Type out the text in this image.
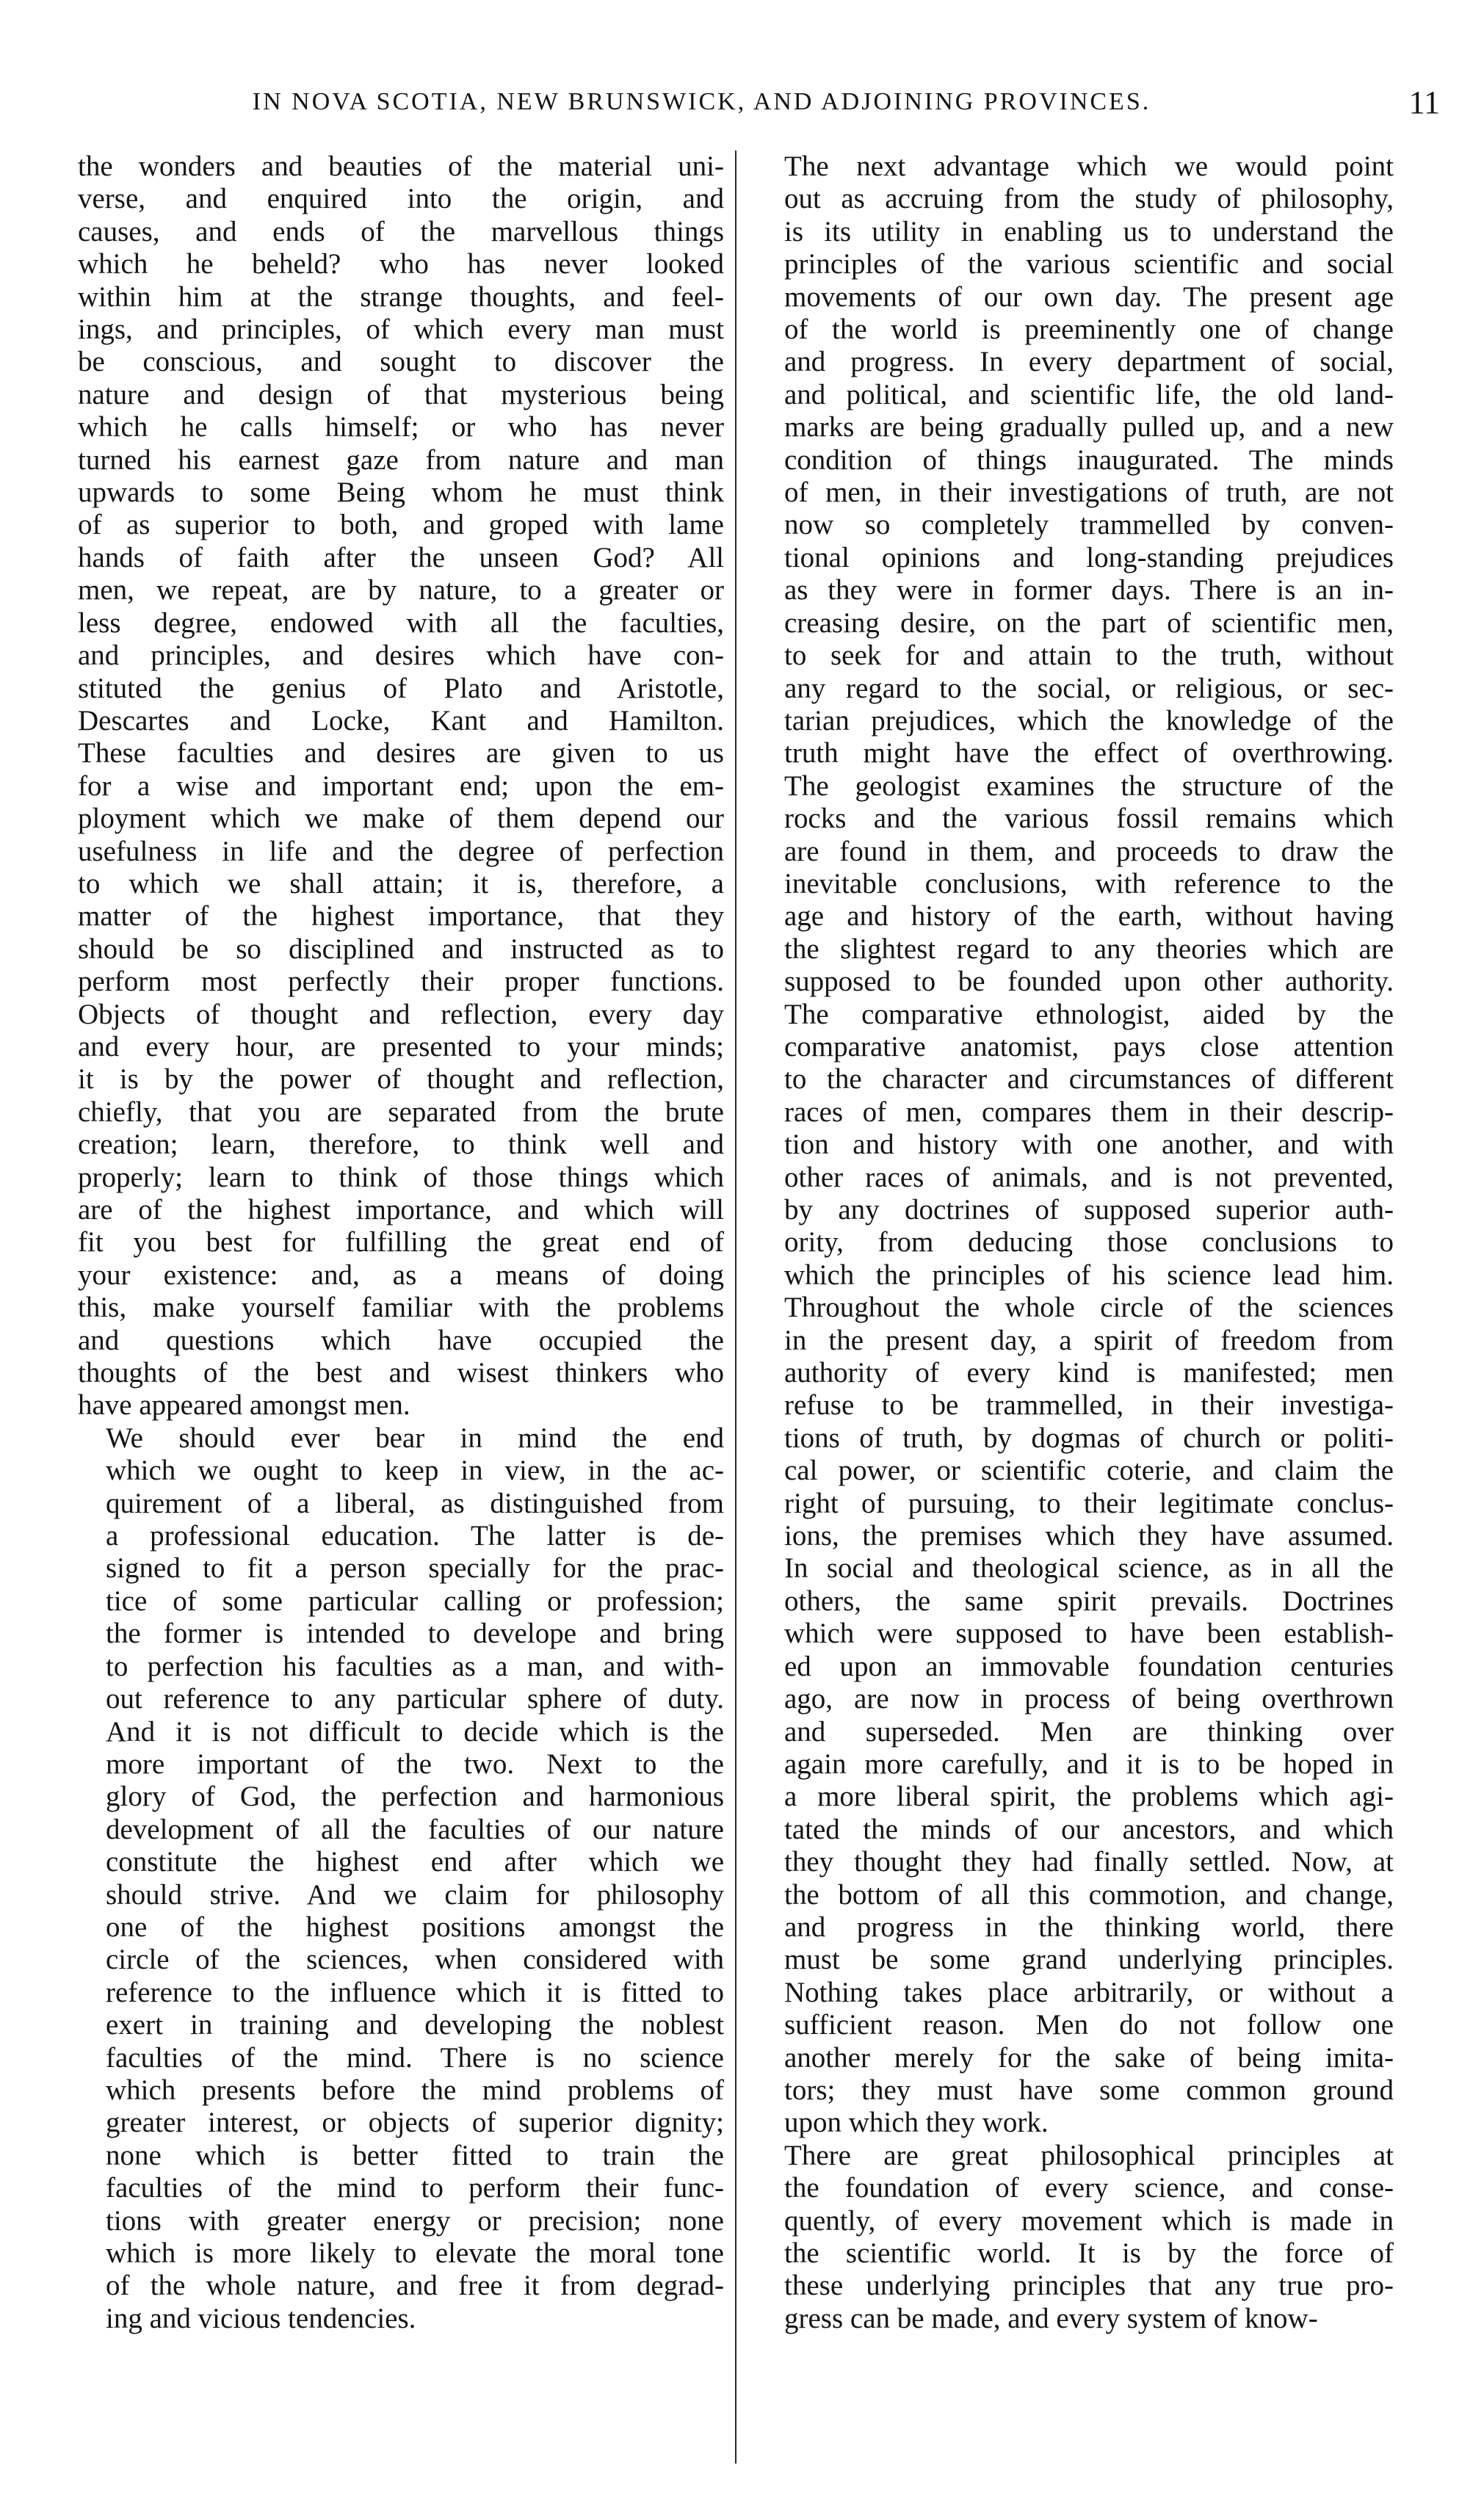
IN NOVA SCOTIA, NEW BRUNSWICK, AND ADJOINING PROVINCES.	11
the wonders and beauties of the material uni-
verse, and enquired into the origin, and
causes, and ends of the marvellous things
which he beheld? who has never looked
within him at the strange thoughts, and feel-
ings, and principles, of which every man must
be conscious, and sought to discover the
nature and design of that mysterious being
which he calls himself; or who has never
turned his earnest gaze from nature and man
upwards to some Being whom he must think
of as superior to both, and groped with lame
hands of faith after the unseen God? All
men, we repeat, are by nature, to a greater or
less degree, endowed with all the faculties,
and principles, and desires which have con-
stituted the genius of Plato and Aristotle,
Descartes and Locke, Kant and Hamilton.
These faculties and desires are given to us
for a wise and important end; upon the em-
ployment which we make of them depend our
usefulness in life and the degree of perfection
to which we shall attain; it is, therefore, a
matter of the highest importance, that they
should be so disciplined and instructed as to
perform most perfectly their proper functions.
Objects of thought and reflection, every day
and every hour, are presented to your minds;
it is by the power of thought and reflection,
chiefly, that you are separated from the brute
creation; learn, therefore, to think well and
properly; learn to think of those things which
are of the highest importance, and which will
fit you best for fulfilling the great end of
your existence: and, as a means of doing
this, make yourself familiar with the problems
and questions which have occupied the
thoughts of the best and wisest thinkers who
have appeared amongst men.
We should ever bear in mind the end
which we ought to keep in view, in the ac-
quirement of a liberal, as distinguished from
a professional education. The latter is de-
signed to fit a person specially for the prac-
tice of some particular calling or profession;
the former is intended to develope and bring
to perfection his faculties as a man, and with-
out reference to any particular sphere of duty.
And it is not difficult to decide which is the
more important of the two. Next to the
glory of God, the perfection and harmonious
development of all the faculties of our nature
constitute the highest end after which we
should strive. And we claim for philosophy
one of the highest positions amongst the
circle of the sciences, when considered with
reference to the influence which it is fitted to
exert in training and developing the noblest
faculties of the mind. There is no science
which presents before the mind problems of
greater interest, or objects of superior dignity;
none which is better fitted to train the
faculties of the mind to perform their func-
tions with greater energy or precision; none
which is more likely to elevate the moral tone
of the whole nature, and free it from degrad-
ing and vicious tendencies.
The next advantage which we would point
out as accruing from the study of philosophy,
is its utility in enabling us to understand the
principles of the various scientific and social
movements of our own day. The present age
of the world is preeminently one of change
and progress. In every department of social,
and political, and scientific life, the old land-
marks are being gradually pulled up, and a new
condition of things inaugurated. The minds
of men, in their investigations of truth, are not
now so completely trammelled by conven-
tional opinions and long-standing prejudices
as they were in former days. There is an in-
creasing desire, on the part of scientific men,
to seek for and attain to the truth, without
any regard to the social, or religious, or sec-
tarian prejudices, which the knowledge of the
truth might have the effect of overthrowing.
The geologist examines the structure of the
rocks and the various fossil remains which
are found in them, and proceeds to draw the
inevitable conclusions, with reference to the
age and history of the earth, without having
the slightest regard to any theories which are
supposed to be founded upon other authority.
The comparative ethnologist, aided by the
comparative anatomist, pays close attention
to the character and circumstances of different
races of men, compares them in their descrip-
tion and history with one another, and with
other races of animals, and is not prevented,
by any doctrines of supposed superior auth-
ority, from deducing those conclusions to
which the principles of his science lead him.
Throughout the whole circle of the sciences
in the present day, a spirit of freedom from
authority of every kind is manifested; men
refuse to be trammelled, in their investiga-
tions of truth, by dogmas of church or politi-
cal power, or scientific coterie, and claim the
right of pursuing, to their legitimate conclus-
ions, the premises which they have assumed.
In social and theological science, as in all the
others, the same spirit prevails. Doctrines
which were supposed to have been establish-
ed upon an immovable foundation centuries
ago, are now in process of being overthrown
and superseded. Men are thinking over
again more carefully, and it is to be hoped in
a more liberal spirit, the problems which agi-
tated the minds of our ancestors, and which
they thought they had finally settled. Now, at
the bottom of all this commotion, and change,
and progress in the thinking world, there
must be some grand underlying principles.
Nothing takes place arbitrarily, or without a
sufficient reason. Men do not follow one
another merely for the sake of being imita-
tors; they must have some common ground
upon which they work.
There are great philosophical principles at
the foundation of every science, and conse-
quently, of every movement which is made in
the scientific world. It is by the force of
these underlying principles that any true pro-
gress can be made, and every system of know-
